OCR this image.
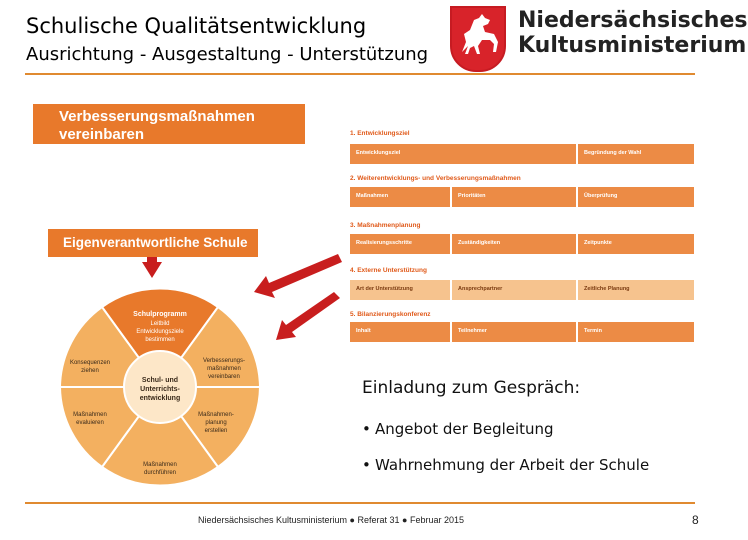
Schulische Qualitätsentwicklung
Ausrichtung - Ausgestaltung - Unterstützung
Niedersächsisches
Kultusministerium
Verbesserungsmaßnahmen
vereinbaren
Eigenverantwortliche Schule
Schulprogramm
Leitbild
Entwicklungsziele
bestimmen
Verbesserungs-
maßnahmen
vereinbaren
Maßnahmen-
planung
erstellen
Maßnahmen
durchführen
Maßnahmen
evaluieren
Konsequenzen
ziehen
Schul- und
Unterrichts-
entwicklung
1. Entwicklungsziel
Entwicklungsziel	Begründung der Wahl
2. Weiterentwicklungs- und Verbesserungsmaßnahmen
Maßnahmen	Prioritäten	Überprüfung
3. Maßnahmenplanung
Realisierungsschritte	Zuständigkeiten	Zeitpunkte
4. Externe Unterstützung
Art der Unterstützung	Ansprechpartner	Zeitliche Planung
5. Bilanzierungskonferenz
Inhalt	Teilnehmer	Termin
Einladung zum Gespräch:
• Angebot der Begleitung
• Wahrnehmung der Arbeit der Schule
Niedersächsisches Kultusministerium ● Referat 31 ● Februar 2015	8
